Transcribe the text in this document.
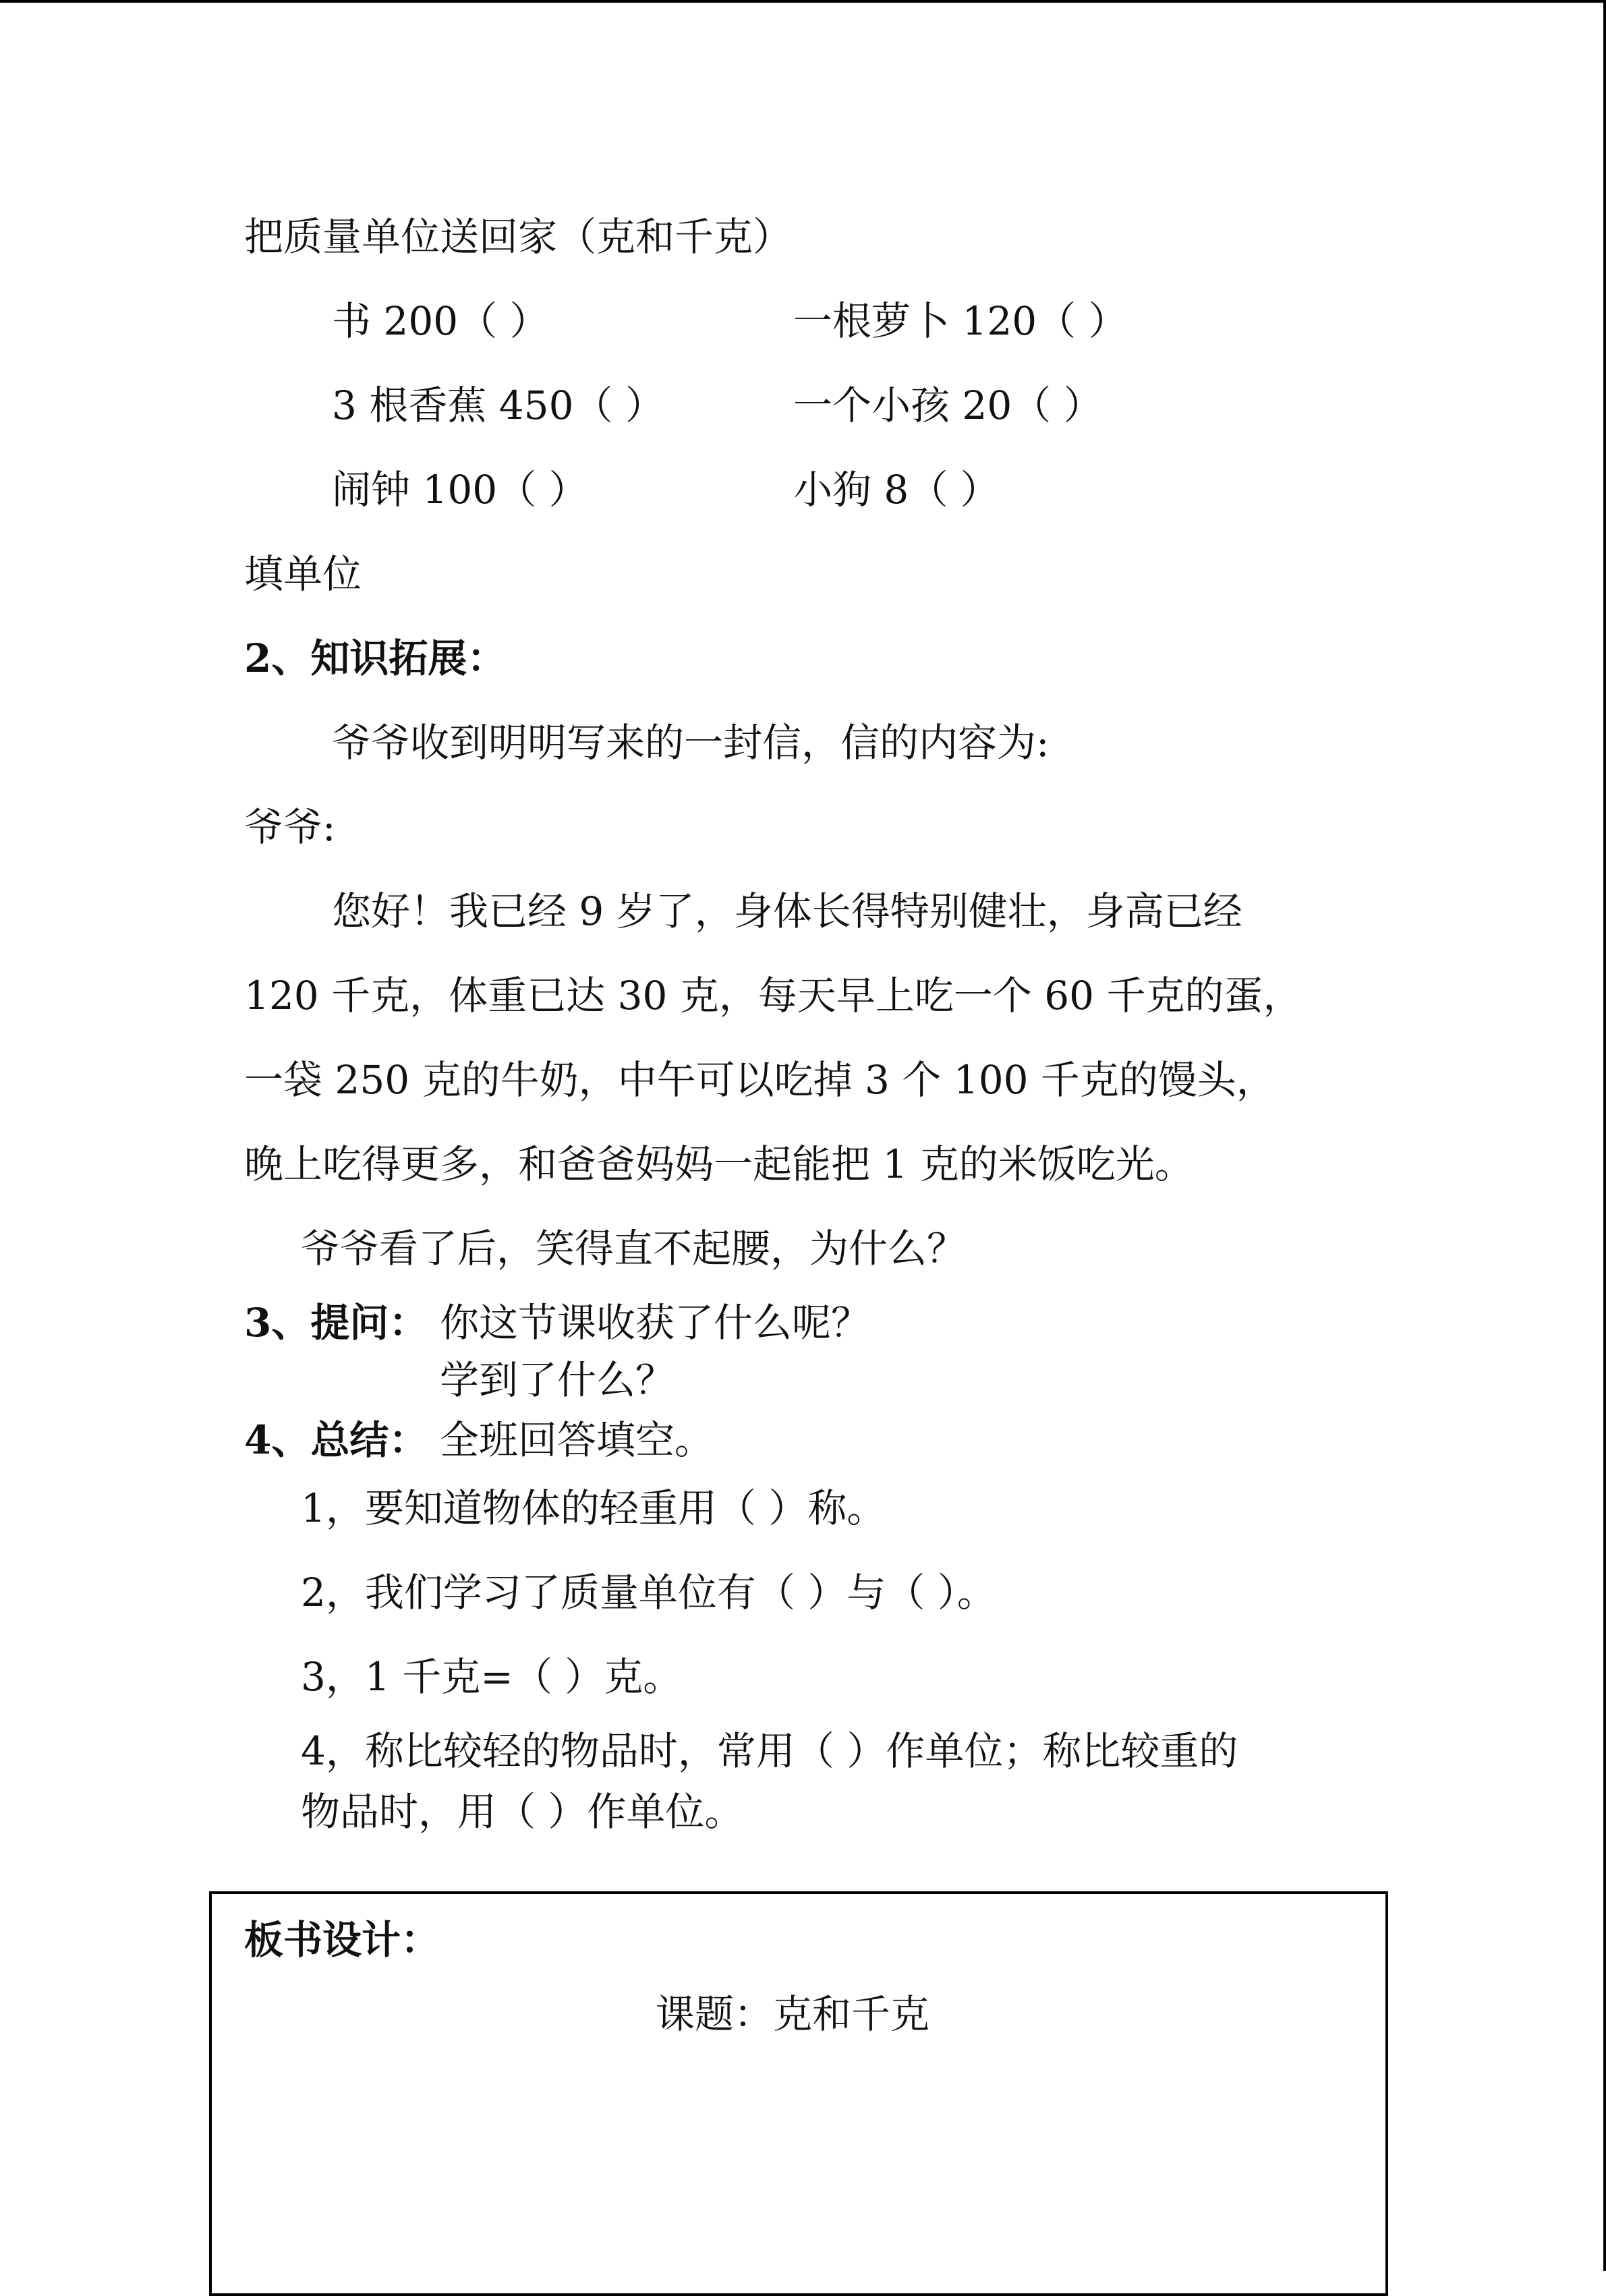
把质量单位送回家（克和千克）
书 200（ ）	一根萝卜 120（ ）
3 根香蕉 450（ ）	一个小孩 20（ ）
闹钟 100（ ）	小狗 8（ ）
填单位
2、知识拓展：
爷爷收到明明写来的一封信，信的内容为:
爷爷:
您好！我已经 9 岁了，身体长得特别健壮，身高已经
120 千克，体重已达 30 克，每天早上吃一个 60 千克的蛋，
一袋 250 克的牛奶，中午可以吃掉 3 个 100 千克的馒头，
晚上吃得更多，和爸爸妈妈一起能把 1 克的米饭吃光。
爷爷看了后，笑得直不起腰，为什么？
3、提问： 你这节课收获了什么呢？
学到了什么？
4、总结： 全班回答填空。
1，要知道物体的轻重用（ ）称。
2，我们学习了质量单位有（ ）与（ ）。
3，1 千克=（ ）克。
4，称比较轻的物品时，常用（ ）作单位；称比较重的
物品时，用（ ）作单位。
板书设计：
课题：克和千克
